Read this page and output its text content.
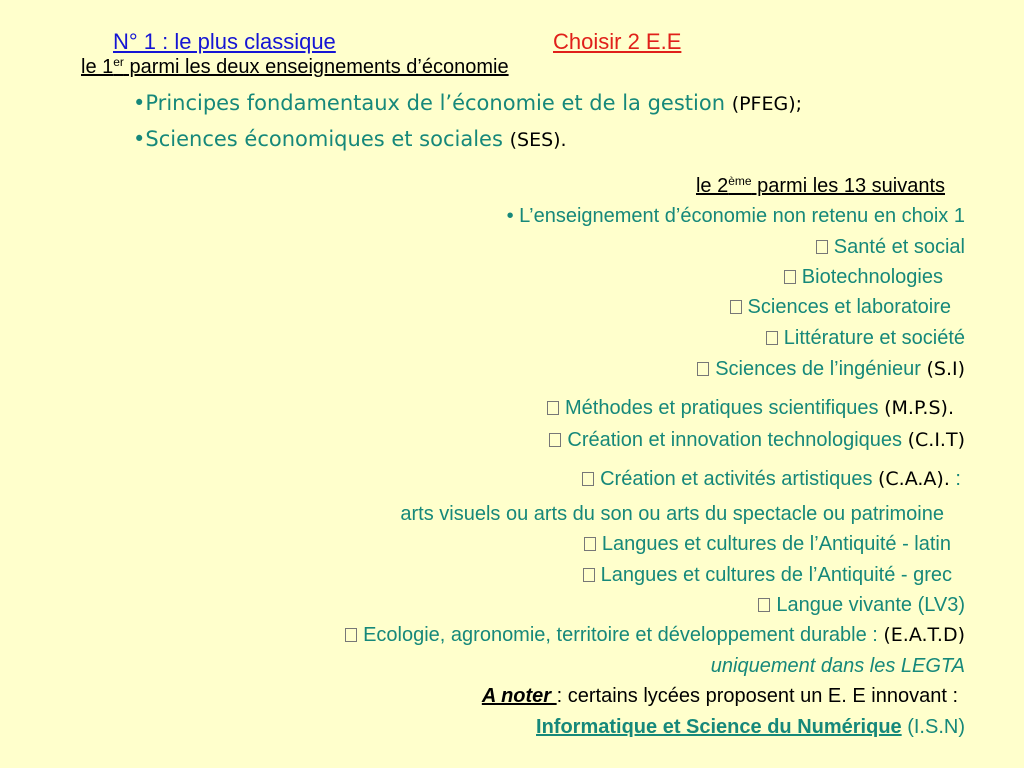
N° 1 : le plus classique	Choisir 2 E.E
le 1er parmi les deux enseignements d’économie
•Principes fondamentaux de l’économie et de la gestion (PFEG);
•Sciences économiques et sociales (SES).
le 2ème parmi les 13 suivants
• L’enseignement d’économie non retenu en choix 1
Santé et social
Biotechnologies
Sciences et laboratoire
Littérature et société
Sciences de l’ingénieur (S.I)
Méthodes et pratiques scientifiques (M.P.S).
Création et innovation technologiques (C.I.T)
Création et activités artistiques (C.A.A). :
arts visuels ou arts du son ou arts du spectacle ou patrimoine
Langues et cultures de l’Antiquité - latin
Langues et cultures de l’Antiquité - grec
Langue vivante (LV3)
Ecologie, agronomie, territoire et développement durable : (E.A.T.D)
uniquement dans les LEGTA
A noter : certains lycées proposent un E. E innovant :
Informatique et Science du Numérique (I.S.N)
